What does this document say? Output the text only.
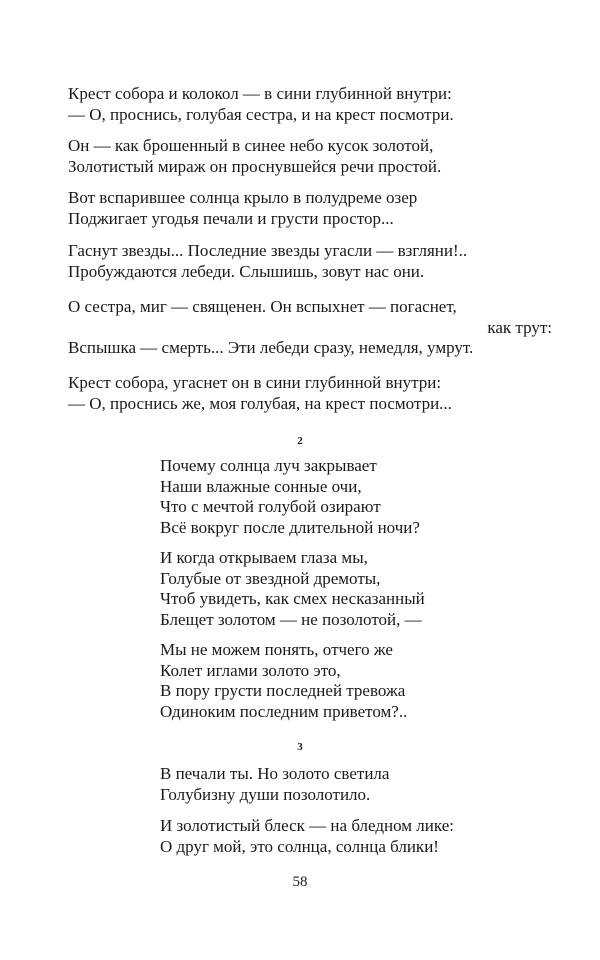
Крест собора и колокол — в сини глубинной внутри:
— О, проснись, голубая сестра, и на крест посмотри.
Он — как брошенный в синее небо кусок золотой,
Золотистый мираж он проснувшейся речи простой.
Вот вспарившее солнца крыло в полудреме озер
Поджигает угодья печали и грусти простор...
Гаснут звезды... Последние звезды угасли — взгляни!..
Пробуждаются лебеди. Слышишь, зовут нас они.
О сестра, миг — священен. Он вспыхнет — погаснет,
как трут:
Вспышка — смерть... Эти лебеди сразу, немедля, умрут.
Крест собора, угаснет он в сини глубинной внутри:
— О, проснись же, моя голубая, на крест посмотри...
2
Почему солнца луч закрывает
Наши влажные сонные очи,
Что с мечтой голубой озирают
Всё вокруг после длительной ночи?
И когда открываем глаза мы,
Голубые от звездной дремоты,
Чтоб увидеть, как смех несказанный
Блещет золотом — не позолотой, —
Мы не можем понять, отчего же
Колет иглами золото это,
В пору грусти последней тревожа
Одиноким последним приветом?..
3
В печали ты. Но золото светила
Голубизну души позолотило.
И золотистый блеск — на бледном лике:
О друг мой, это солнца, солнца блики!
58
